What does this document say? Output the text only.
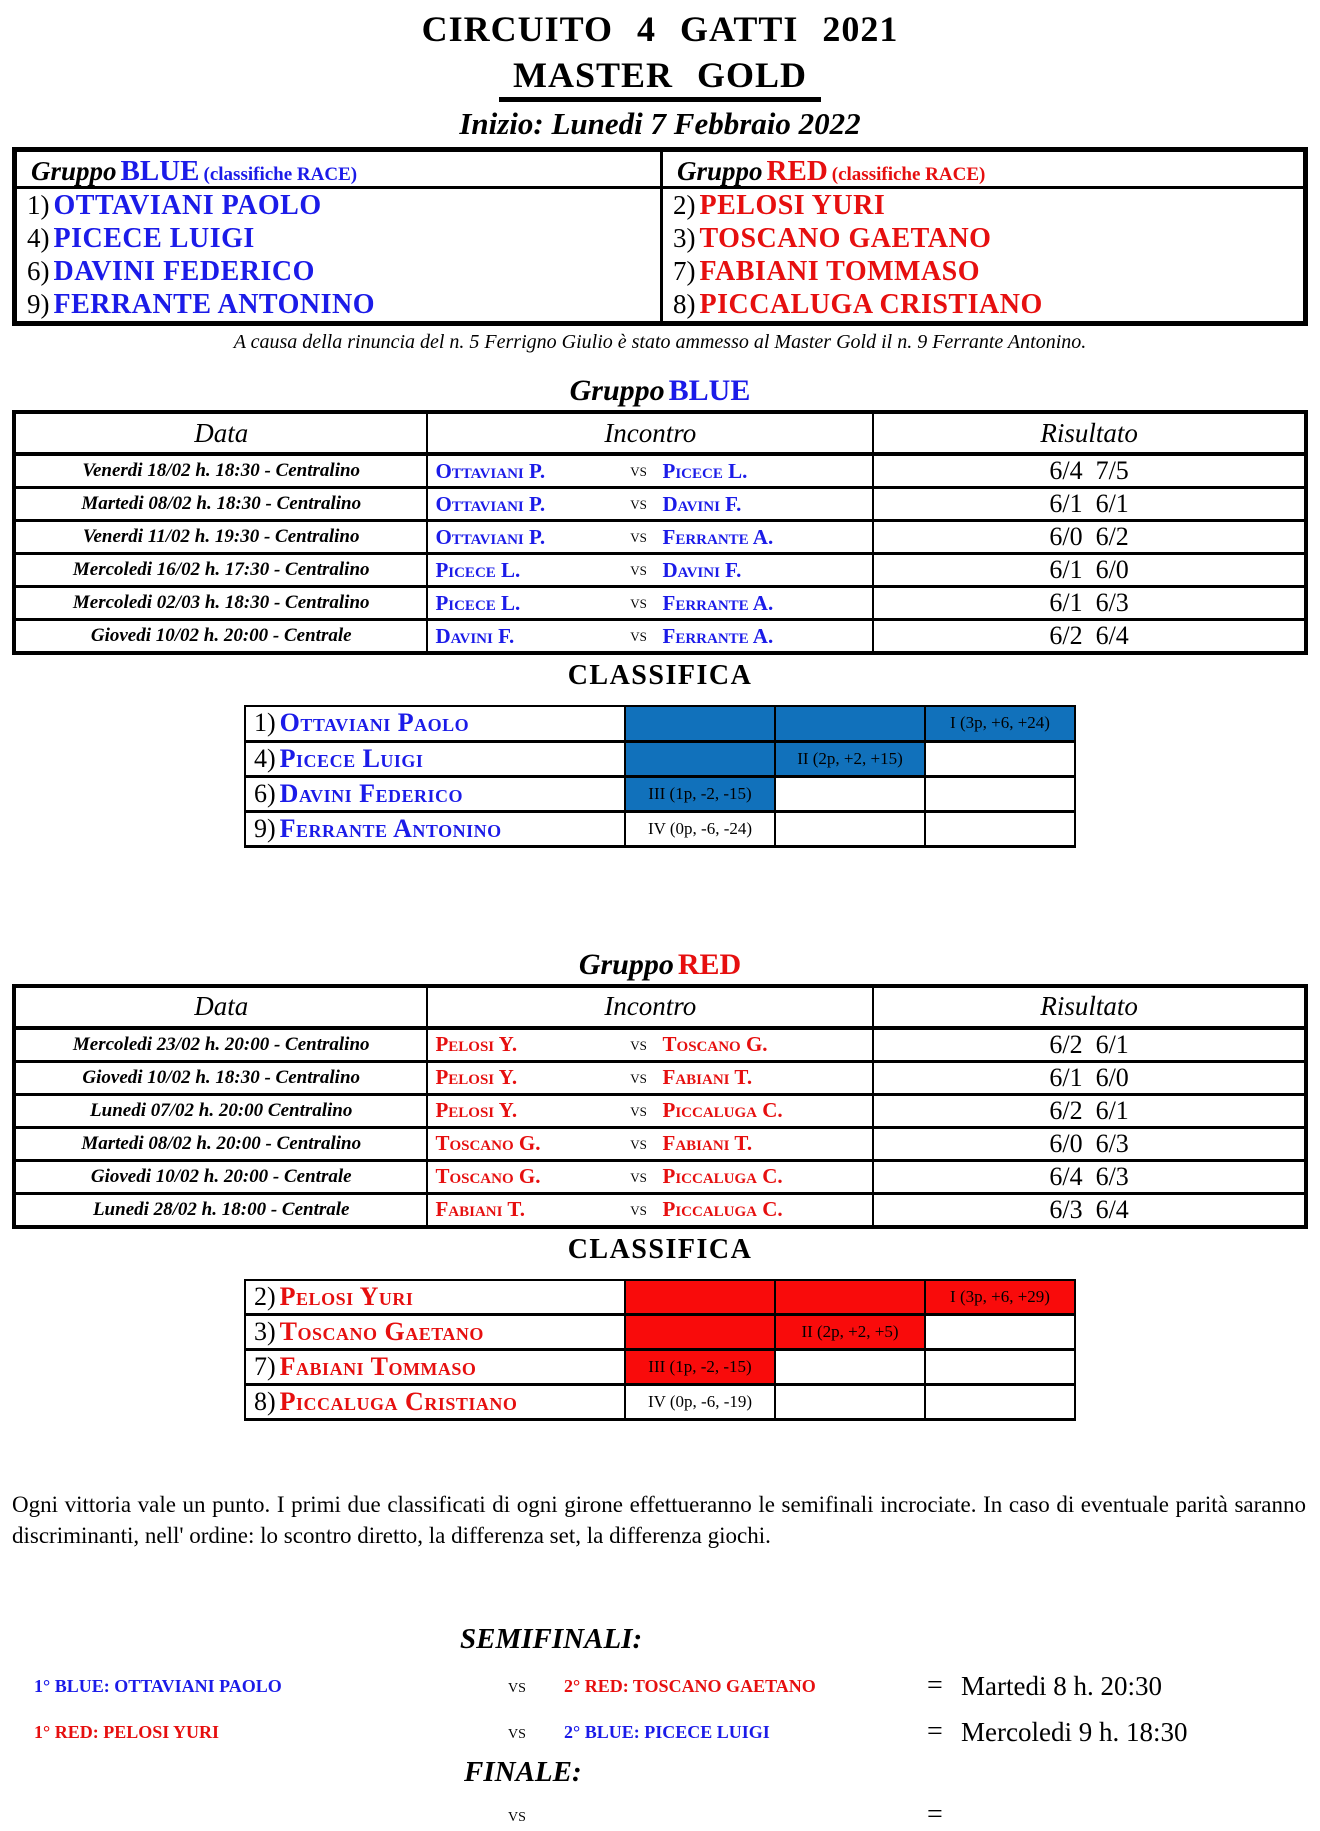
CIRCUITO 4 GATTI 2021
MASTER GOLD
Inizio: Lunedi 7 Febbraio 2022
Gruppo BLUE (classifiche RACE)
1) OTTAVIANI PAOLO
4) PICECE LUIGI
6) DAVINI FEDERICO
9) FERRANTE ANTONINO
Gruppo RED (classifiche RACE)
2) PELOSI YURI
3) TOSCANO GAETANO
7) FABIANI TOMMASO
8) PICCALUGA CRISTIANO
A causa della rinuncia del n. 5 Ferrigno Giulio è stato ammesso al Master Gold il n. 9 Ferrante Antonino.
Gruppo BLUE
Data	Incontro	Risultato
Venerdi 18/02 h. 18:30 - Centralino	Ottaviani P. vs Picece L.	6/4  7/5
Martedi 08/02 h. 18:30 - Centralino	Ottaviani P. vs Davini F.	6/1  6/1
Venerdi 11/02 h. 19:30 - Centralino	Ottaviani P. vs Ferrante A.	6/0  6/2
Mercoledi 16/02 h. 17:30 - Centralino	Picece L. vs Davini F.	6/1  6/0
Mercoledi 02/03 h. 18:30 - Centralino	Picece L. vs Ferrante A.	6/1  6/3
Giovedi 10/02 h. 20:00 - Centrale	Davini F. vs Ferrante A.	6/2  6/4
CLASSIFICA
1) Ottaviani Paolo			I (3p, +6, +24)
4) Picece Luigi		II (2p, +2, +15)	
6) Davini Federico	III (1p, -2, -15)		
9) Ferrante Antonino	IV (0p, -6, -24)		
Gruppo RED
Data	Incontro	Risultato
Mercoledi 23/02 h. 20:00 - Centralino	Pelosi Y. vs Toscano G.	6/2  6/1
Giovedi 10/02 h. 18:30 - Centralino	Pelosi Y. vs Fabiani T.	6/1  6/0
Lunedi 07/02 h. 20:00 Centralino	Pelosi Y. vs Piccaluga C.	6/2  6/1
Martedi 08/02 h. 20:00 - Centralino	Toscano G. vs Fabiani T.	6/0  6/3
Giovedi 10/02 h. 20:00 - Centrale	Toscano G. vs Piccaluga C.	6/4  6/3
Lunedi 28/02 h. 18:00 - Centrale	Fabiani T. vs Piccaluga C.	6/3  6/4
CLASSIFICA
2) Pelosi Yuri			I (3p, +6, +29)
3) Toscano Gaetano		II (2p, +2, +5)	
7) Fabiani Tommaso	III (1p, -2, -15)		
8) Piccaluga Cristiano	IV (0p, -6, -19)		
Ogni vittoria vale un punto. I primi due classificati di ogni girone effettueranno le semifinali incrociate. In caso di eventuale parità saranno discriminanti, nell' ordine: lo scontro diretto, la differenza set, la differenza giochi.
SEMIFINALI:
1° BLUE: OTTAVIANI PAOLO	vs	2° RED: TOSCANO GAETANO	= Martedi 8 h. 20:30
1° RED: PELOSI YURI	vs	2° BLUE: PICECE LUIGI	= Mercoledi 9 h. 18:30
FINALE:
vs	=
